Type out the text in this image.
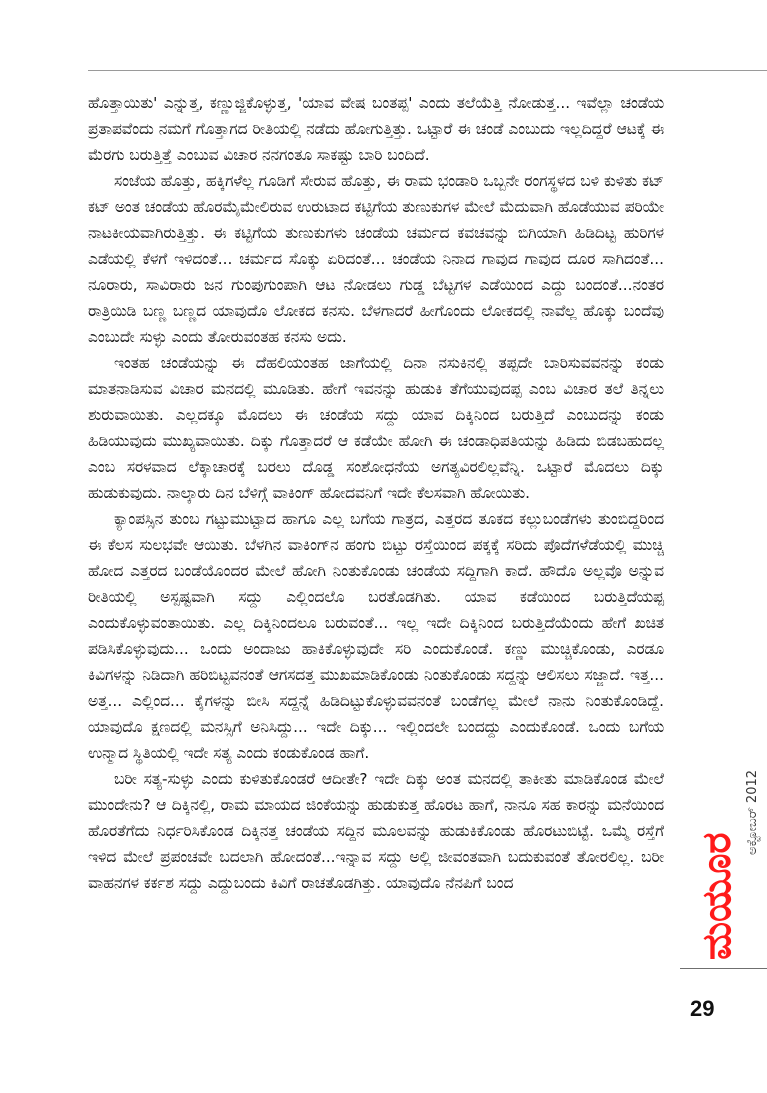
ಹೊತ್ತಾಯಿತು' ಎನ್ನುತ್ತ, ಕಣ್ಣುಜ್ಜಿಕೊಳ್ಳುತ್ತ, 'ಯಾವ ವೇಷ ಬಂತಪ್ಪ' ಎಂದು ತಲೆಯೆತ್ತಿ ನೋಡುತ್ತ... ಇವೆಲ್ಲಾ ಚಂಡೆಯ ಪ್ರತಾಪವೆಂದು ನಮಗೆ ಗೊತ್ತಾಗದ ರೀತಿಯಲ್ಲಿ ನಡೆದು ಹೋಗುತ್ತಿತ್ತು. ಒಟ್ಟಾರೆ ಈ ಚಂಡೆ ಎಂಬುದು ಇಲ್ಲದಿದ್ದರೆ ಆಟಕ್ಕೆ ಈ ಮೆರಗು ಬರುತ್ತಿತ್ತೆ ಎಂಬುವ ವಿಚಾರ ನನಗಂತೂ ಸಾಕಷ್ಟು ಬಾರಿ ಬಂದಿದೆ.

ಸಂಜೆಯ ಹೊತ್ತು, ಹಕ್ಕಿಗಳೆಲ್ಲ ಗೂಡಿಗೆ ಸೇರುವ ಹೊತ್ತು, ಈ ರಾಮ ಭಂಡಾರಿ ಒಬ್ಬನೇ ರಂಗಸ್ಥಳದ ಬಳಿ ಕುಳಿತು ಕಟ್ ಕಟ್ ಅಂತ ಚಂಡೆಯ ಹೊರಮೈಮೇಲಿರುವ ಉರುಟಾದ ಕಟ್ಟಿಗೆಯ ತುಣುಕುಗಳ ಮೇಲೆ ಮೆದುವಾಗಿ ಹೊಡೆಯುವ ಪರಿಯೇ ನಾಟಕೀಯವಾಗಿರುತ್ತಿತ್ತು. ಈ ಕಟ್ಟಿಗೆಯ ತುಣುಕುಗಳು ಚಂಡೆಯ ಚರ್ಮದ ಕವಚವನ್ನು ಬಿಗಿಯಾಗಿ ಹಿಡಿದಿಟ್ಟ ಹುರಿಗಳ ಎಡೆಯಲ್ಲಿ ಕೆಳಗೆ ಇಳಿದಂತೆ... ಚರ್ಮದ ಸೊಕ್ಕು ಏರಿದಂತೆ... ಚಂಡೆಯ ನಿನಾದ ಗಾವುದ ಗಾವುದ ದೂರ ಸಾಗಿದಂತೆ... ನೂರಾರು, ಸಾವಿರಾರು ಜನ ಗುಂಪುಗುಂಪಾಗಿ ಆಟ ನೋಡಲು ಗುಡ್ಡ ಬೆಟ್ಟಗಳ ಎಡೆಯಿಂದ ಎದ್ದು ಬಂದಂತೆ...ನಂತರ ರಾತ್ರಿಯಿಡಿ ಬಣ್ಣ ಬಣ್ಣದ ಯಾವುದೊ ಲೋಕದ ಕನಸು. ಬೆಳಗಾದರೆ ಹೀಗೊಂದು ಲೋಕದಲ್ಲಿ ನಾವೆಲ್ಲ ಹೊಕ್ಕು ಬಂದೆವು ಎಂಬುದೇ ಸುಳ್ಳು ಎಂದು ತೋರುವಂತಹ ಕನಸು ಅದು.

ಇಂತಹ ಚಂಡೆಯನ್ನು ಈ ದೆಹಲಿಯಂತಹ ಜಾಗೆಯಲ್ಲಿ ದಿನಾ ನಸುಕಿನಲ್ಲಿ ತಪ್ಪದೇ ಬಾರಿಸುವವನನ್ನು ಕಂಡು ಮಾತನಾಡಿಸುವ ವಿಚಾರ ಮನದಲ್ಲಿ ಮೂಡಿತು. ಹೇಗೆ ಇವನನ್ನು ಹುಡುಕಿ ತೆಗೆಯುವುದಪ್ಪ ಎಂಬ ವಿಚಾರ ತಲೆ ತಿನ್ನಲು ಶುರುವಾಯಿತು. ಎಲ್ಲದಕ್ಕೂ ಮೊದಲು ಈ ಚಂಡೆಯ ಸದ್ದು ಯಾವ ದಿಕ್ಕಿನಿಂದ ಬರುತ್ತಿದೆ ಎಂಬುದನ್ನು ಕಂಡು ಹಿಡಿಯುವುದು ಮುಖ್ಯವಾಯಿತು. ದಿಕ್ಕು ಗೊತ್ತಾದರೆ ಆ ಕಡೆಯೇ ಹೋಗಿ ಈ ಚಂಡಾಧಿಪತಿಯನ್ನು ಹಿಡಿದು ಬಿಡಬಹುದಲ್ಲ ಎಂಬ ಸರಳವಾದ ಲೆಕ್ಕಾಚಾರಕ್ಕೆ ಬರಲು ದೊಡ್ಡ ಸಂಶೋಧನೆಯ ಅಗತ್ಯವಿರಲಿಲ್ಲವೆನ್ನಿ. ಒಟ್ಟಾರೆ ಮೊದಲು ದಿಕ್ಕು ಹುಡುಕುವುದು. ನಾಲ್ಕಾರು ದಿನ ಬೆಳಿಗ್ಗೆ ವಾಕಿಂಗ್ ಹೋದವನಿಗೆ ಇದೇ ಕೆಲಸವಾಗಿ ಹೋಯಿತು.

ಕ್ಯಾಂಪಸ್ಸಿನ ತುಂಬ ಗಟ್ಟುಮುಟ್ಟಾದ ಹಾಗೂ ಎಲ್ಲ ಬಗೆಯ ಗಾತ್ರದ, ಎತ್ತರದ ತೂಕದ ಕಲ್ಲುಬಂಡೆಗಳು ತುಂಬಿದ್ದರಿಂದ ಈ ಕೆಲಸ ಸುಲಭವೇ ಆಯಿತು. ಬೆಳಗಿನ ವಾಕಿಂಗ್‌ನ ಹಂಗು ಬಿಟ್ಟು ರಸ್ತೆಯಿಂದ ಪಕ್ಕಕ್ಕೆ ಸರಿದು ಪೊದೆಗಳೆಡೆಯಲ್ಲಿ ಮುಚ್ಚಿ ಹೋದ ಎತ್ತರದ ಬಂಡೆಯೊಂದರ ಮೇಲೆ ಹೋಗಿ ನಿಂತುಕೊಂಡು ಚಂಡೆಯ ಸದ್ದಿಗಾಗಿ ಕಾದೆ. ಹೌದೊ ಅಲ್ಲವೊ ಅನ್ನುವ ರೀತಿಯಲ್ಲಿ ಅಸ್ಪಷ್ಟವಾಗಿ ಸದ್ದು ಎಲ್ಲಿಂದಲೊ ಬರತೊಡಗಿತು. ಯಾವ ಕಡೆಯಿಂದ ಬರುತ್ತಿದೆಯಪ್ಪ ಎಂದುಕೊಳ್ಳುವಂತಾಯಿತು. ಎಲ್ಲ ದಿಕ್ಕಿನಿಂದಲೂ ಬರುವಂತೆ... ಇಲ್ಲ ಇದೇ ದಿಕ್ಕಿನಿಂದ ಬರುತ್ತಿದೆಯೆಂದು ಹೇಗೆ ಖಚಿತ ಪಡಿಸಿಕೊಳ್ಳುವುದು... ಒಂದು ಅಂದಾಜು ಹಾಕಿಕೊಳ್ಳುವುದೇ ಸರಿ ಎಂದುಕೊಂಡೆ. ಕಣ್ಣು ಮುಚ್ಚಿಕೊಂಡು, ಎರಡೂ ಕಿವಿಗಳನ್ನು ನಿಡಿದಾಗಿ ಹರಿಬಿಟ್ಟವನಂತೆ ಆಗಸದತ್ತ ಮುಖಮಾಡಿಕೊಂಡು ನಿಂತುಕೊಂಡು ಸದ್ದನ್ನು ಆಲಿಸಲು ಸಜ್ಜಾದೆ. ಇತ್ತ... ಅತ್ತ... ಎಲ್ಲಿಂದ... ಕೈಗಳನ್ನು ಬೀಸಿ ಸದ್ದನ್ನೆ ಹಿಡಿದಿಟ್ಟುಕೊಳ್ಳುವವನಂತೆ ಬಂಡೆಗಲ್ಲ ಮೇಲೆ ನಾನು ನಿಂತುಕೊಂಡಿದ್ದೆ. ಯಾವುದೊ ಕ್ಷಣದಲ್ಲಿ ಮನಸ್ಸಿಗೆ ಅನಿಸಿದ್ದು... ಇದೇ ದಿಕ್ಕು... ಇಲ್ಲಿಂದಲೇ ಬಂದದ್ದು ಎಂದುಕೊಂಡೆ. ಒಂದು ಬಗೆಯ ಉನ್ಮಾದ ಸ್ಥಿತಿಯಲ್ಲಿ ಇದೇ ಸತ್ಯ ಎಂದು ಕಂಡುಕೊಂಡ ಹಾಗೆ.

ಬರೀ ಸತ್ಯ-ಸುಳ್ಳು ಎಂದು ಕುಳಿತುಕೊಂಡರೆ ಆದೀತೇ? ಇದೇ ದಿಕ್ಕು ಅಂತ ಮನದಲ್ಲಿ ತಾಕೀತು ಮಾಡಿಕೊಂಡ ಮೇಲೆ ಮುಂದೇನು? ಆ ದಿಕ್ಕಿನಲ್ಲಿ, ರಾಮ ಮಾಯದ ಜಿಂಕೆಯನ್ನು ಹುಡುಕುತ್ತ ಹೊರಟ ಹಾಗೆ, ನಾನೂ ಸಹ ಕಾರನ್ನು ಮನೆಯಿಂದ ಹೊರತೆಗೆದು ನಿರ್ಧರಿಸಿಕೊಂಡ ದಿಕ್ಕಿನತ್ತ ಚಂಡೆಯ ಸದ್ದಿನ ಮೂಲವನ್ನು ಹುಡುಕಿಕೊಂಡು ಹೊರಟುಬಿಟ್ಟೆ. ಒಮ್ಮೆ ರಸ್ತೆಗೆ ಇಳಿದ ಮೇಲೆ ಪ್ರಪಂಚವೇ ಬದಲಾಗಿ ಹೋದಂತೆ...ಇನ್ನಾವ ಸದ್ದು ಅಲ್ಲಿ ಜೀವಂತವಾಗಿ ಬದುಕುವಂತೆ ತೋರಲಿಲ್ಲ. ಬರೀ ವಾಹನಗಳ ಕರ್ಕಶ ಸದ್ದು ಎದ್ದುಬಂದು ಕಿವಿಗೆ ರಾಚತೊಡಗಿತ್ತು. ಯಾವುದೊ ನೆನಪಿಗೆ ಬಂದ

ಅಕ್ಟೋಬರ್ 2012
ಮಯೂರ
29
